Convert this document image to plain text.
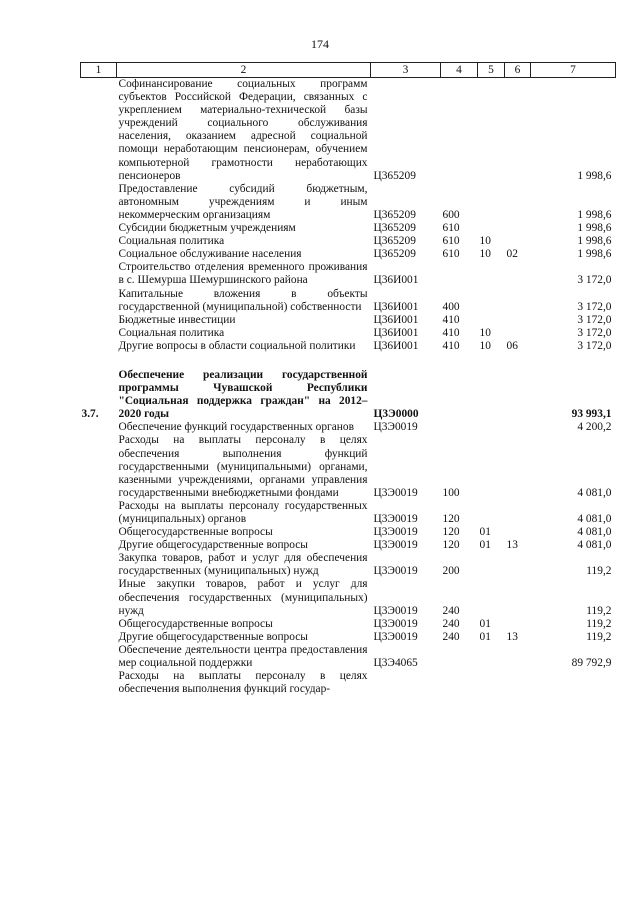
174
1	2	3	4	5	6	7
	Софинансирование социальных программ субъектов Российской Федерации, связанных с укреплением материально-технической базы учреждений социального обслуживания населения, оказанием адресной социальной помощи неработающим пенсионерам, обучением компьютерной грамотности неработающих пенсионеров	Ц365209				1 998,6
	Предоставление субсидий бюджетным, автономным учреждениям и иным некоммерческим организациям	Ц365209	600			1 998,6
	Субсидии бюджетным учреждениям	Ц365209	610			1 998,6
	Социальная политика	Ц365209	610	10		1 998,6
	Социальное обслуживание населения	Ц365209	610	10	02	1 998,6
	Строительство отделения временного проживания в с. Шемурша Шемуршинского района	Ц36И001				3 172,0
	Капитальные вложения в объекты государственной (муниципальной) собственности	Ц36И001	400			3 172,0
	Бюджетные инвестиции	Ц36И001	410			3 172,0
	Социальная политика	Ц36И001	410	10		3 172,0
	Другие вопросы в области социальной политики	Ц36И001	410	10	06	3 172,0

3.7.	Обеспечение реализации государственной программы Чувашской Республики "Социальная поддержка граждан" на 2012–2020 годы	Ц3Э0000				93 993,1
	Обеспечение функций государственных органов	Ц3Э0019				4 200,2
	Расходы на выплаты персоналу в целях обеспечения выполнения функций государственными (муниципальными) органами, казенными учреждениями, органами управления государственными внебюджетными фондами	Ц3Э0019	100			4 081,0
	Расходы на выплаты персоналу государственных (муниципальных) органов	Ц3Э0019	120			4 081,0
	Общегосударственные вопросы	Ц3Э0019	120	01		4 081,0
	Другие общегосударственные вопросы	Ц3Э0019	120	01	13	4 081,0
	Закупка товаров, работ и услуг для обеспечения государственных (муниципальных) нужд	Ц3Э0019	200			119,2
	Иные закупки товаров, работ и услуг для обеспечения государственных (муниципальных) нужд	Ц3Э0019	240			119,2
	Общегосударственные вопросы	Ц3Э0019	240	01		119,2
	Другие общегосударственные вопросы	Ц3Э0019	240	01	13	119,2
	Обеспечение деятельности центра предоставления мер социальной поддержки	Ц3Э4065				89 792,9
	Расходы на выплаты персоналу в целях обеспечения выполнения функций государ-					
